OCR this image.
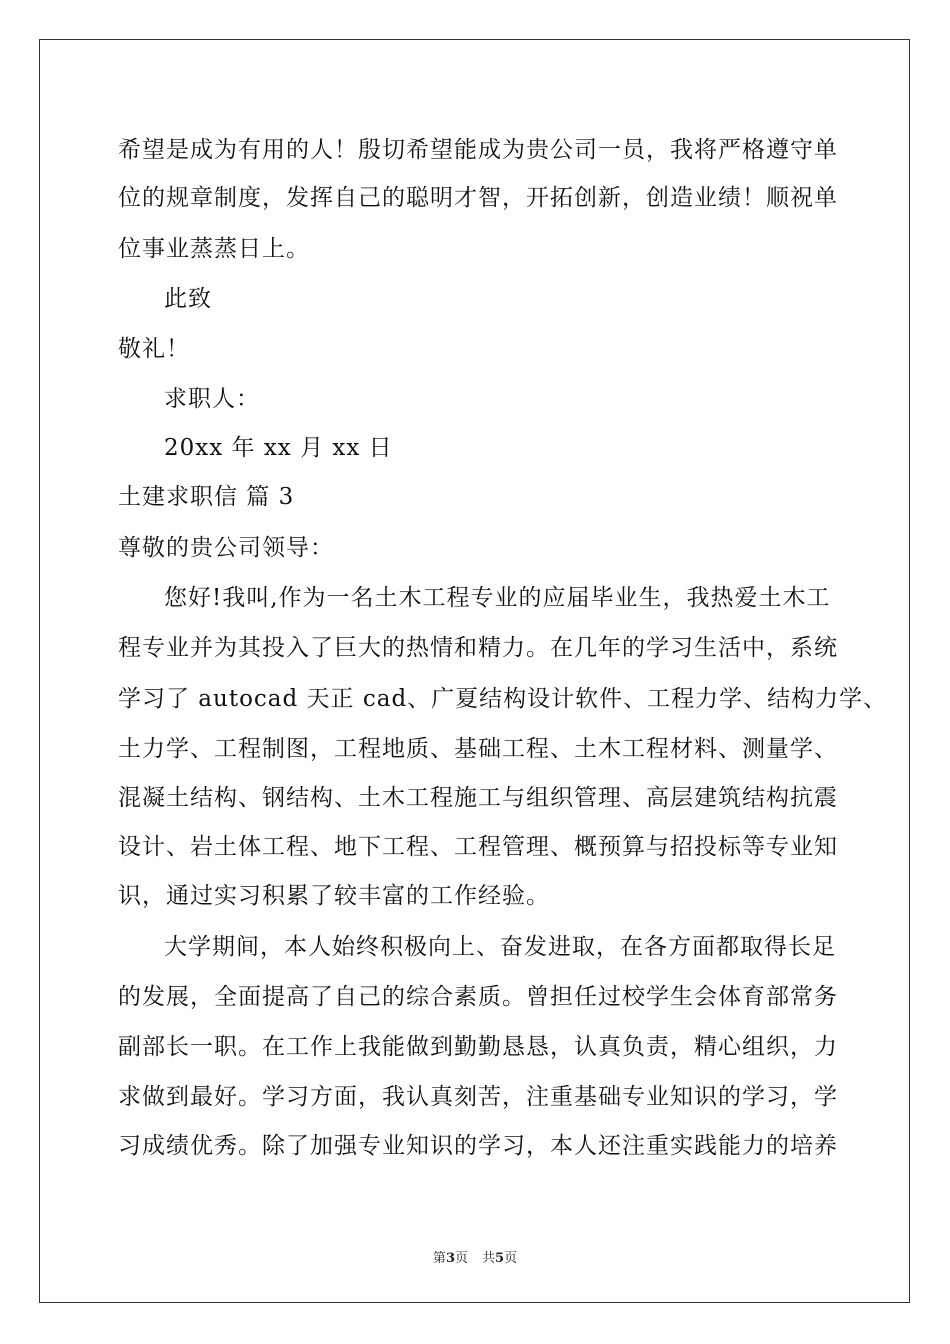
希望是成为有用的人！殷切希望能成为贵公司一员，我将严格遵守单
位的规章制度，发挥自己的聪明才智，开拓创新，创造业绩！顺祝单
位事业蒸蒸日上。
此致
敬礼！
求职人：
20xx 年 xx 月 xx 日
土建求职信 篇 3
尊敬的贵公司领导：
您好!我叫,作为一名土木工程专业的应届毕业生，我热爱土木工
程专业并为其投入了巨大的热情和精力。在几年的学习生活中，系统
学习了 autocad 天正 cad、广夏结构设计软件、工程力学、结构力学、
土力学、工程制图，工程地质、基础工程、土木工程材料、测量学、
混凝土结构、钢结构、土木工程施工与组织管理、高层建筑结构抗震
设计、岩土体工程、地下工程、工程管理、概预算与招投标等专业知
识，通过实习积累了较丰富的工作经验。
大学期间，本人始终积极向上、奋发进取，在各方面都取得长足
的发展，全面提高了自己的综合素质。曾担任过校学生会体育部常务
副部长一职。在工作上我能做到勤勤恳恳，认真负责，精心组织，力
求做到最好。学习方面，我认真刻苦，注重基础专业知识的学习，学
习成绩优秀。除了加强专业知识的学习，本人还注重实践能力的培养
第3页 共5页
